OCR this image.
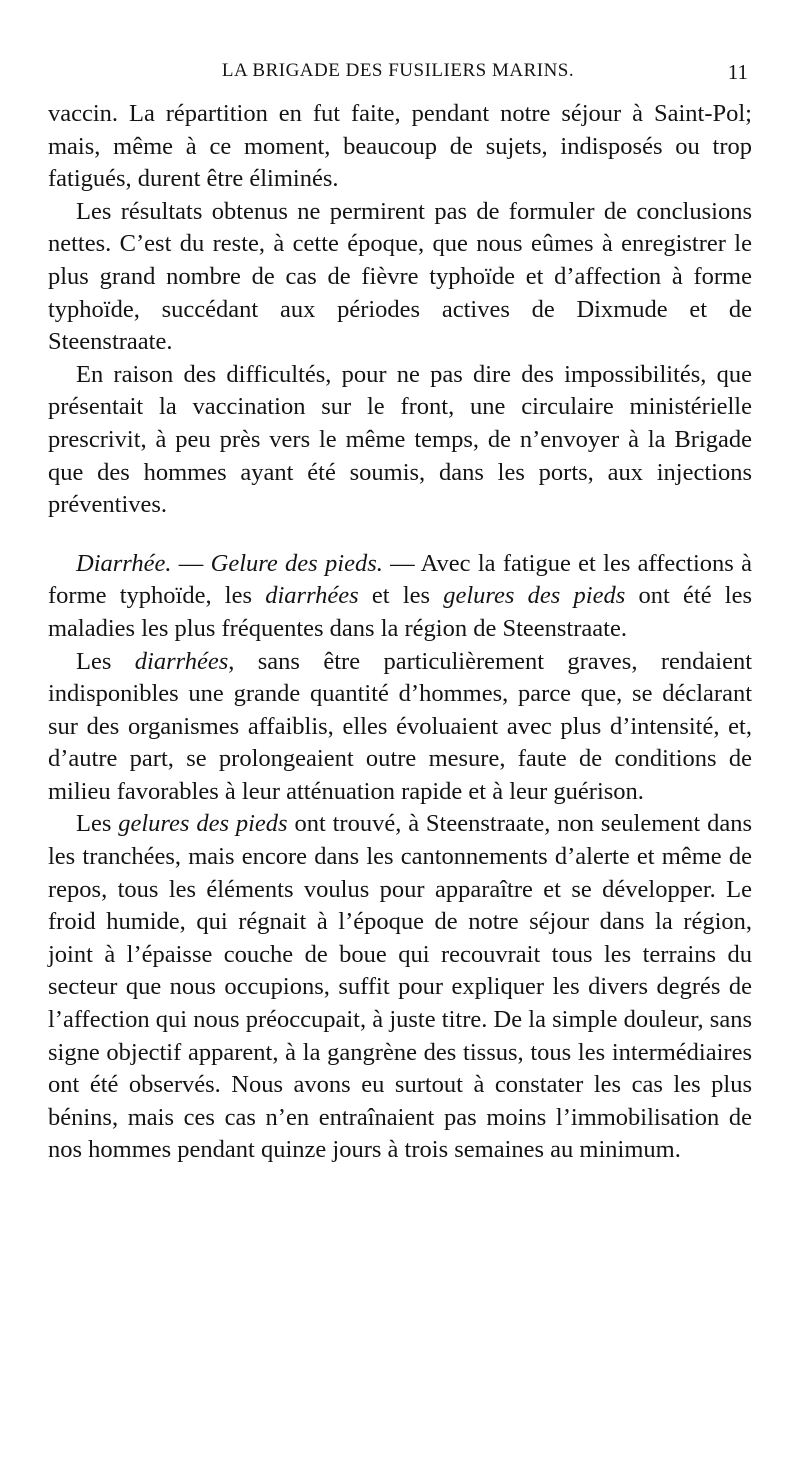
LA BRIGADE DES FUSILIERS MARINS.	11

vaccin. La répartition en fut faite, pendant notre séjour à Saint-Pol; mais, même à ce moment, beaucoup de sujets, indisposés ou trop fatigués, durent être éliminés.

Les résultats obtenus ne permirent pas de formuler de conclusions nettes. C’est du reste, à cette époque, que nous eûmes à enregistrer le plus grand nombre de cas de fièvre typhoïde et d’affection à forme typhoïde, succédant aux périodes actives de Dixmude et de Steenstraate.

En raison des difficultés, pour ne pas dire des impossibilités, que présentait la vaccination sur le front, une circulaire ministérielle prescrivit, à peu près vers le même temps, de n’envoyer à la Brigade que des hommes ayant été soumis, dans les ports, aux injections préventives.

Diarrhée. — Gelure des pieds. — Avec la fatigue et les affections à forme typhoïde, les diarrhées et les gelures des pieds ont été les maladies les plus fréquentes dans la région de Steenstraate.

Les diarrhées, sans être particulièrement graves, rendaient indisponibles une grande quantité d’hommes, parce que, se déclarant sur des organismes affaiblis, elles évoluaient avec plus d’intensité, et, d’autre part, se prolongeaient outre mesure, faute de conditions de milieu favorables à leur atténuation rapide et à leur guérison.

Les gelures des pieds ont trouvé, à Steenstraate, non seulement dans les tranchées, mais encore dans les cantonnements d’alerte et même de repos, tous les éléments voulus pour apparaître et se développer. Le froid humide, qui régnait à l’époque de notre séjour dans la région, joint à l’épaisse couche de boue qui recouvrait tous les terrains du secteur que nous occupions, suffit pour expliquer les divers degrés de l’affection qui nous préoccupait, à juste titre. De la simple douleur, sans signe objectif apparent, à la gangrène des tissus, tous les intermédiaires ont été observés. Nous avons eu surtout à constater les cas les plus bénins, mais ces cas n’en entraînaient pas moins l’immobilisation de nos hommes pendant quinze jours à trois semaines au minimum.
